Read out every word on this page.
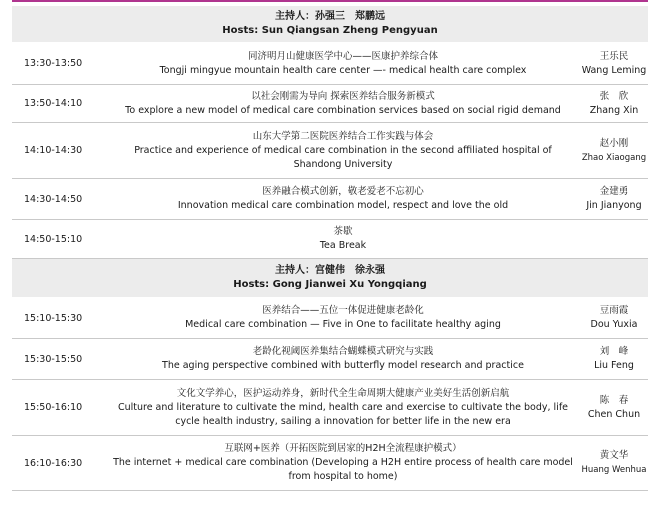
主持人：孙强三　郑鹏远
Hosts: Sun Qiangsan Zheng Pengyuan
13:30-13:50
同济明月山健康医学中心——医康护养综合体
Tongji mingyue mountain health care center —- medical health care complex
王乐民
Wang Leming
13:50-14:10
以社会刚需为导向 探索医养结合服务新模式
To explore a new model of medical care combination services based on social rigid demand
张　欣
Zhang Xin
14:10-14:30
山东大学第二医院医养结合工作实践与体会
Practice and experience of medical care combination in the second affiliated hospital of
Shandong University
赵小刚
Zhao Xiaogang
14:30-14:50
医养融合模式创新，敬老爱老不忘初心
Innovation medical care combination model, respect and love the old
金建勇
Jin Jianyong
14:50-15:10
茶歇
Tea Break
主持人：宫健伟　徐永强
Hosts: Gong Jianwei Xu Yongqiang
15:10-15:30
医养结合——五位一体促进健康老龄化
Medical care combination — Five in One to facilitate healthy aging
豆雨霞
Dou Yuxia
15:30-15:50
老龄化视阈医养集结合蝴蝶模式研究与实践
The aging perspective combined with butterfly model research and practice
刘　峰
Liu Feng
15:50-16:10
文化文学养心，医护运动养身，新时代全生命周期大健康产业美好生活创新启航
Culture and literature to cultivate the mind, health care and exercise to cultivate the body, life
cycle health industry, sailing a innovation for better life in the new era
陈　春
Chen Chun
16:10-16:30
互联网+医养（开拓医院到居家的H2H全流程康护模式）
The internet + medical care combination (Developing a H2H entire process of health care model
from hospital to home)
黄文华
Huang Wenhua
